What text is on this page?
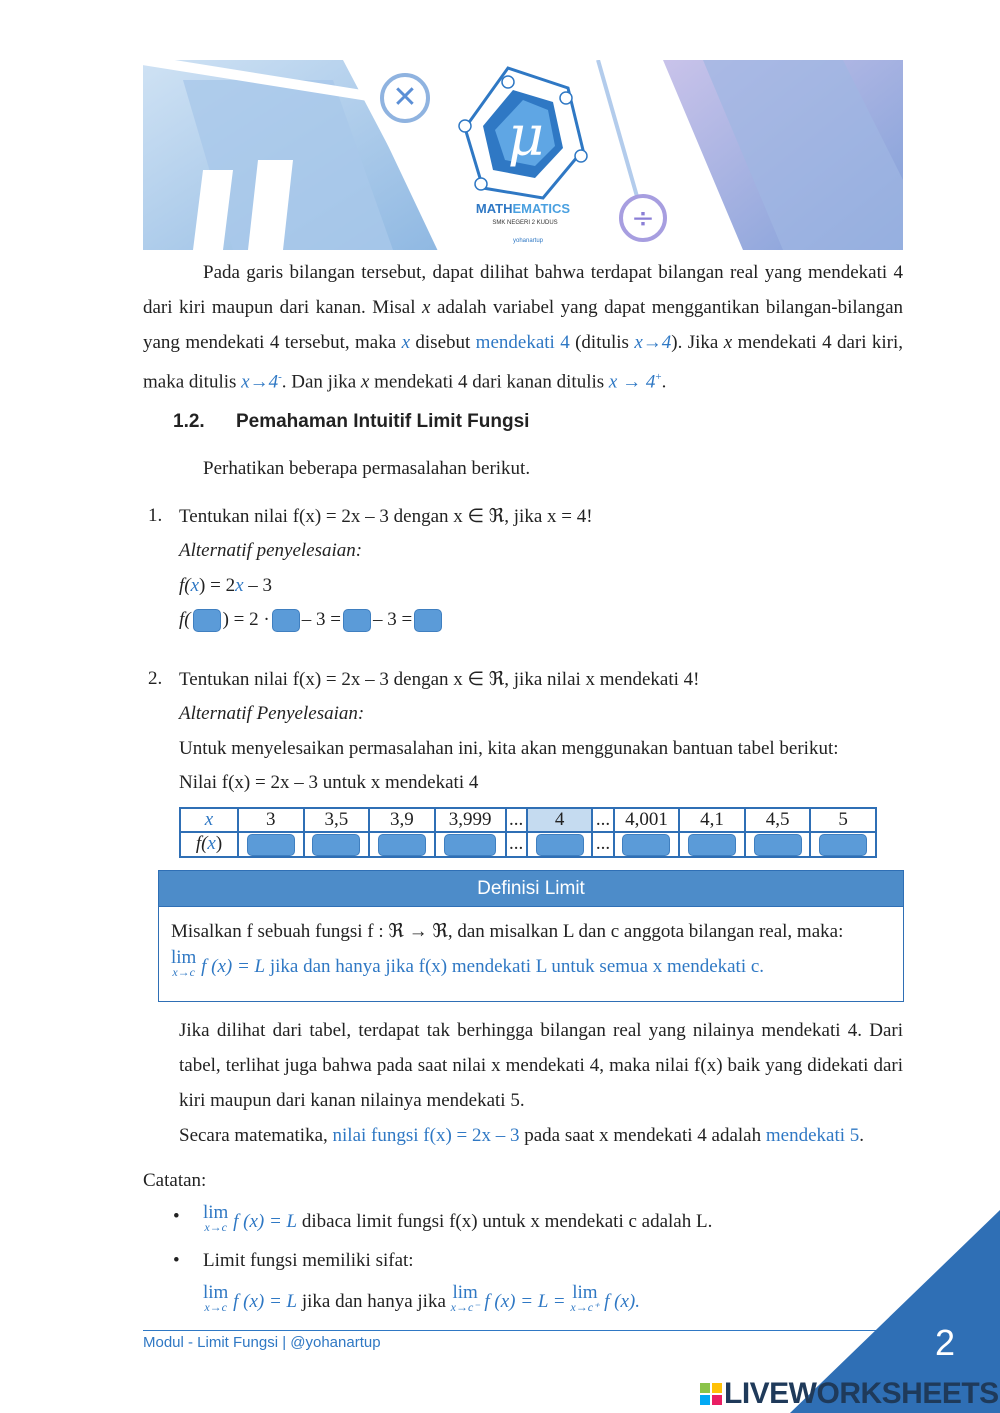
✕
÷
μ
MATHEMATICS
SMK NEGERI 2 KUDUS
yohanartup
Pada garis bilangan tersebut, dapat dilihat bahwa terdapat bilangan real yang mendekati 4 dari kiri maupun dari kanan. Misal x adalah variabel yang dapat menggantikan bilangan-bilangan yang mendekati 4 tersebut, maka x disebut mendekati 4 (ditulis x→4). Jika x mendekati 4 dari kiri, maka ditulis x→4-. Dan jika x mendekati 4 dari kanan ditulis x → 4+.
1.2. Pemahaman Intuitif Limit Fungsi
Perhatikan beberapa permasalahan berikut.
1. Tentukan nilai f(x) = 2x – 3 dengan x ∈ ℜ, jika x = 4!
Alternatif penyelesaian:
f(x) = 2x – 3
f( ) = 2 · – 3 = – 3 =
2. Tentukan nilai f(x) = 2x – 3 dengan x ∈ ℜ, jika nilai x mendekati 4!
Alternatif Penyelesaian:
Untuk menyelesaikan permasalahan ini, kita akan menggunakan bantuan tabel berikut:
Nilai f(x) = 2x – 3 untuk x mendekati 4
x	3	3,5	3,9	3,999	...	4	...	4,001	4,1	4,5	5
f(x)					...		...				
Definisi Limit
Misalkan f sebuah fungsi f : ℜ → ℜ, dan misalkan L dan c anggota bilangan real, maka:
lim
x→c f (x) = L jika dan hanya jika f(x) mendekati L untuk semua x mendekati c.
Jika dilihat dari tabel, terdapat tak berhingga bilangan real yang nilainya mendekati 4. Dari tabel, terlihat juga bahwa pada saat nilai x mendekati 4, maka nilai f(x) baik yang didekati dari kiri maupun dari kanan nilainya mendekati 5.
Secara matematika, nilai fungsi f(x) = 2x – 3 pada saat x mendekati 4 adalah mendekati 5.
Catatan:
• lim
x→c f (x) = L dibaca limit fungsi f(x) untuk x mendekati c adalah L.
• Limit fungsi memiliki sifat:
lim
x→c f (x) = L jika dan hanya jika lim
x→c⁻ f (x) = L = lim
x→c⁺ f (x).
Modul - Limit Fungsi | @yohanartup	2
LIVEWORKSHEETS
